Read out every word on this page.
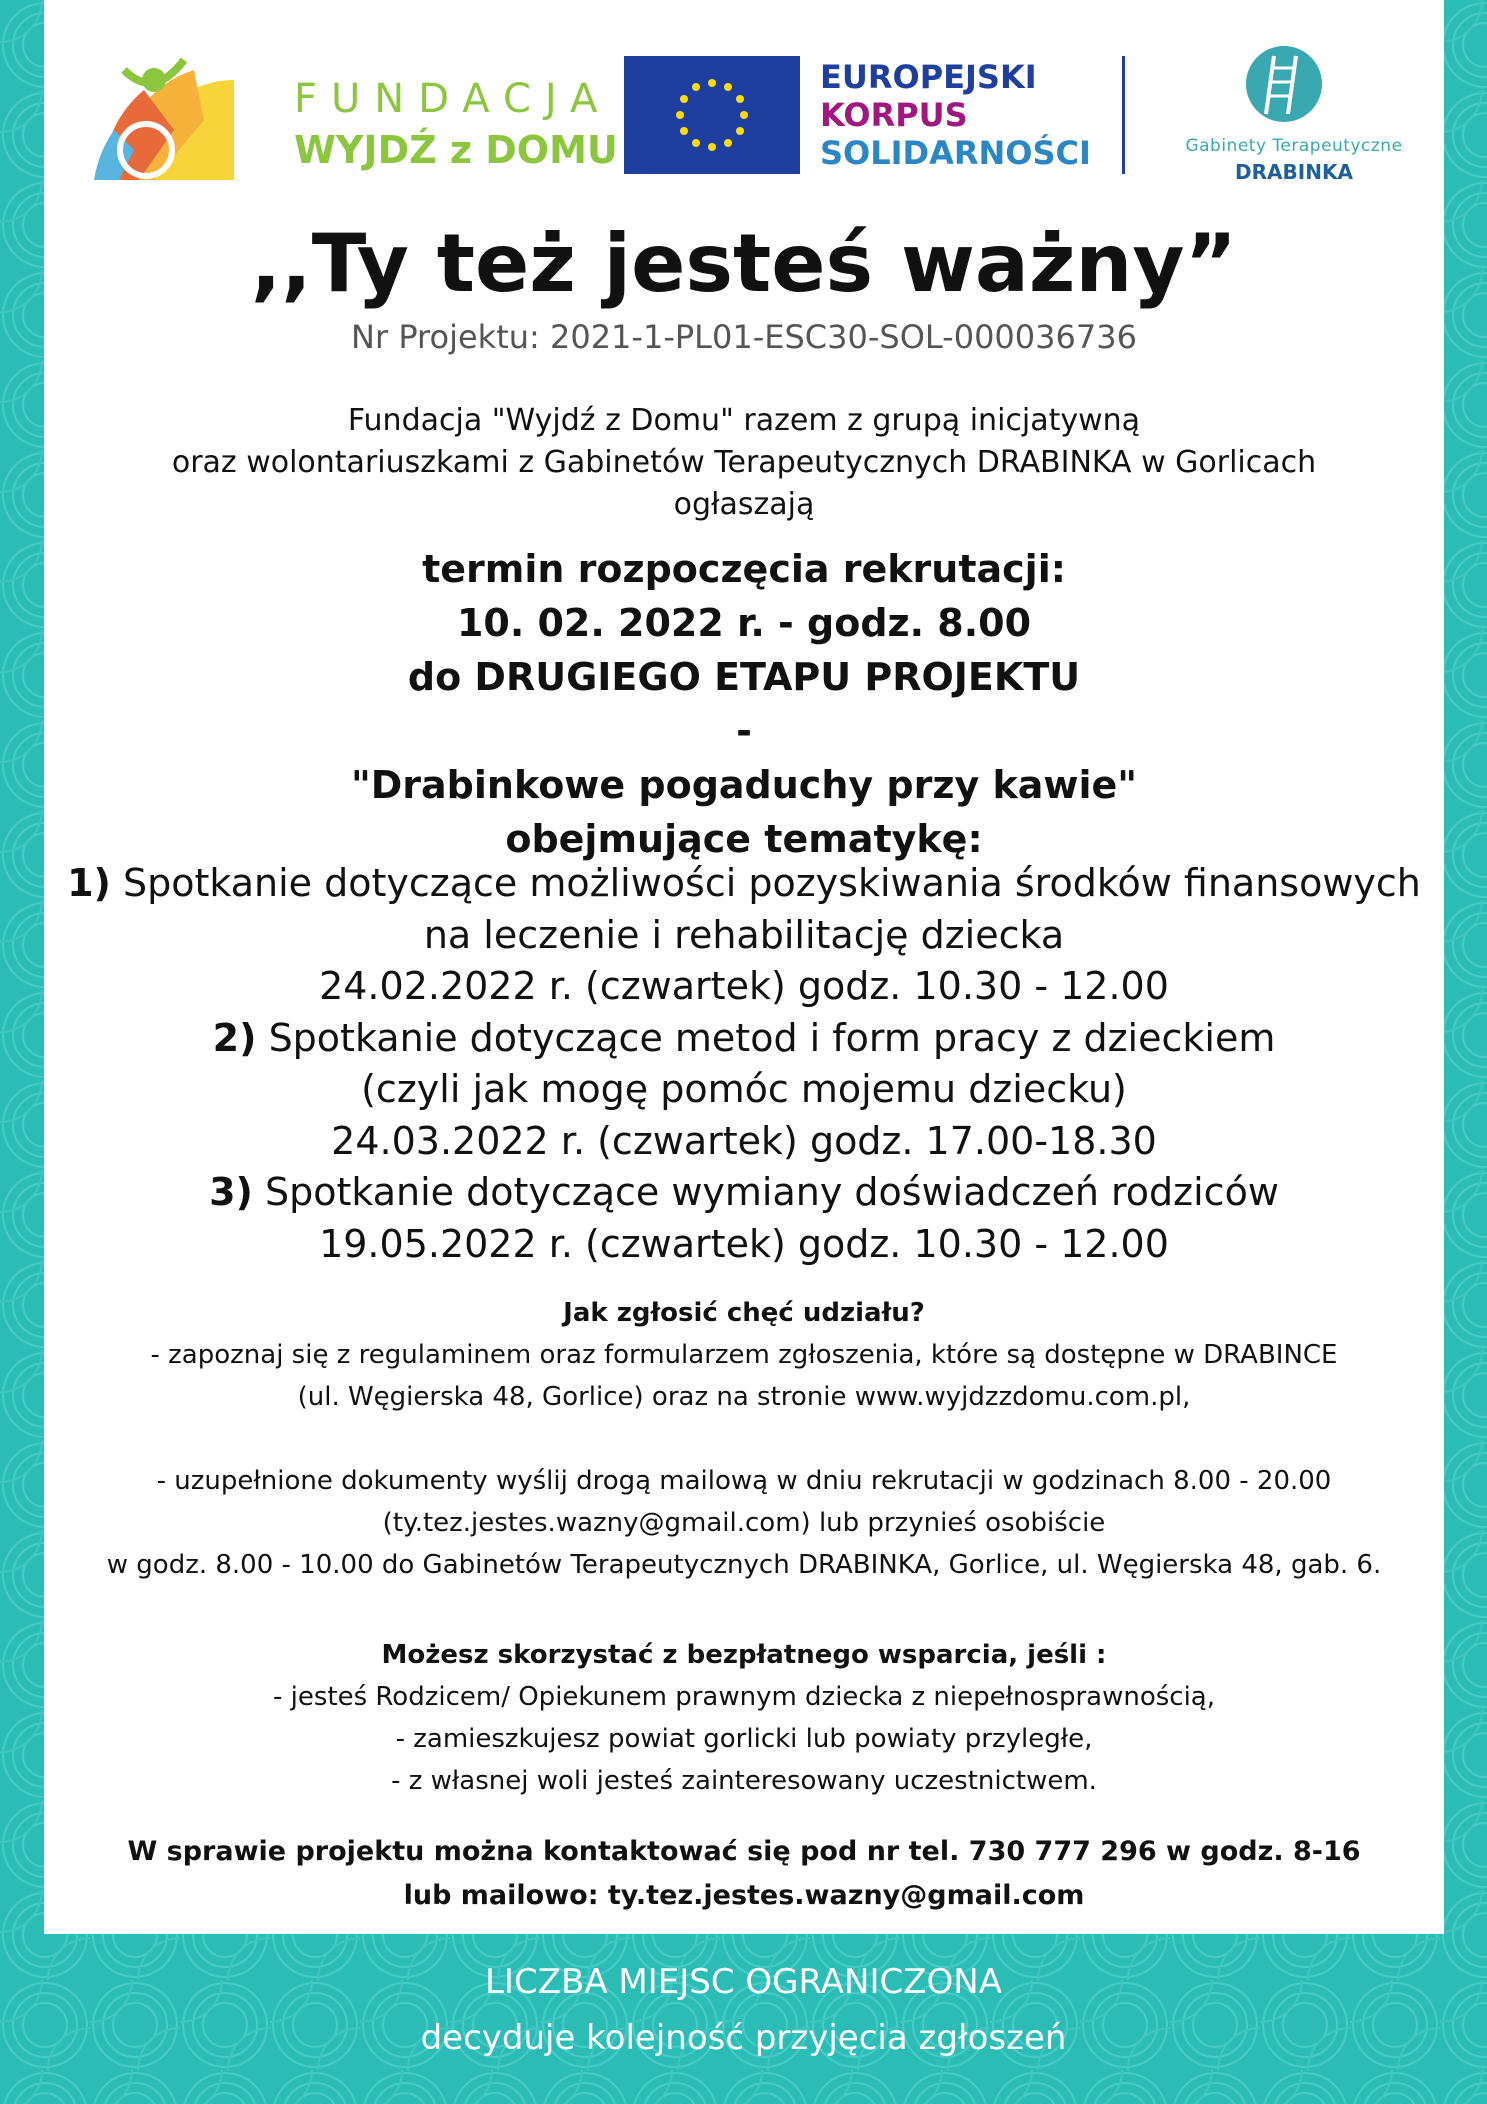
FUNDACJA
WYJDŹ z DOMU
EUROPEJSKI
KORPUS
SOLIDARNOŚCI	Gabinety Terapeutyczne
DRABINKA
,,Ty też jesteś ważny”
Nr Projektu: 2021-1-PL01-ESC30-SOL-000036736
Fundacja "Wyjdź z Domu" razem z grupą inicjatywną
oraz wolontariuszkami z Gabinetów Terapeutycznych DRABINKA w Gorlicach
ogłaszają
termin rozpoczęcia rekrutacji:
10. 02. 2022 r. - godz. 8.00
do DRUGIEGO ETAPU PROJEKTU
-
"Drabinkowe pogaduchy przy kawie"
obejmujące tematykę:
1) Spotkanie dotyczące możliwości pozyskiwania środków finansowych
na leczenie i rehabilitację dziecka
24.02.2022 r. (czwartek) godz. 10.30 - 12.00
2) Spotkanie dotyczące metod i form pracy z dzieckiem
(czyli jak mogę pomóc mojemu dziecku)
24.03.2022 r. (czwartek) godz. 17.00-18.30
3) Spotkanie dotyczące wymiany doświadczeń rodziców
19.05.2022 r. (czwartek) godz. 10.30 - 12.00
Jak zgłosić chęć udziału?
- zapoznaj się z regulaminem oraz formularzem zgłoszenia, które są dostępne w DRABINCE
(ul. Węgierska 48, Gorlice) oraz na stronie www.wyjdzzdomu.com.pl,

- uzupełnione dokumenty wyślij drogą mailową w dniu rekrutacji w godzinach 8.00 - 20.00
(ty.tez.jestes.wazny@gmail.com) lub przynieś osobiście
w godz. 8.00 - 10.00 do Gabinetów Terapeutycznych DRABINKA, Gorlice, ul. Węgierska 48, gab. 6.
Możesz skorzystać z bezpłatnego wsparcia, jeśli :
- jesteś Rodzicem/ Opiekunem prawnym dziecka z niepełnosprawnością,
- zamieszkujesz powiat gorlicki lub powiaty przyległe,
- z własnej woli jesteś zainteresowany uczestnictwem.
W sprawie projektu można kontaktować się pod nr tel. 730 777 296 w godz. 8-16
lub mailowo: ty.tez.jestes.wazny@gmail.com
LICZBA MIEJSC OGRANICZONA
decyduje kolejność przyjęcia zgłoszeń
